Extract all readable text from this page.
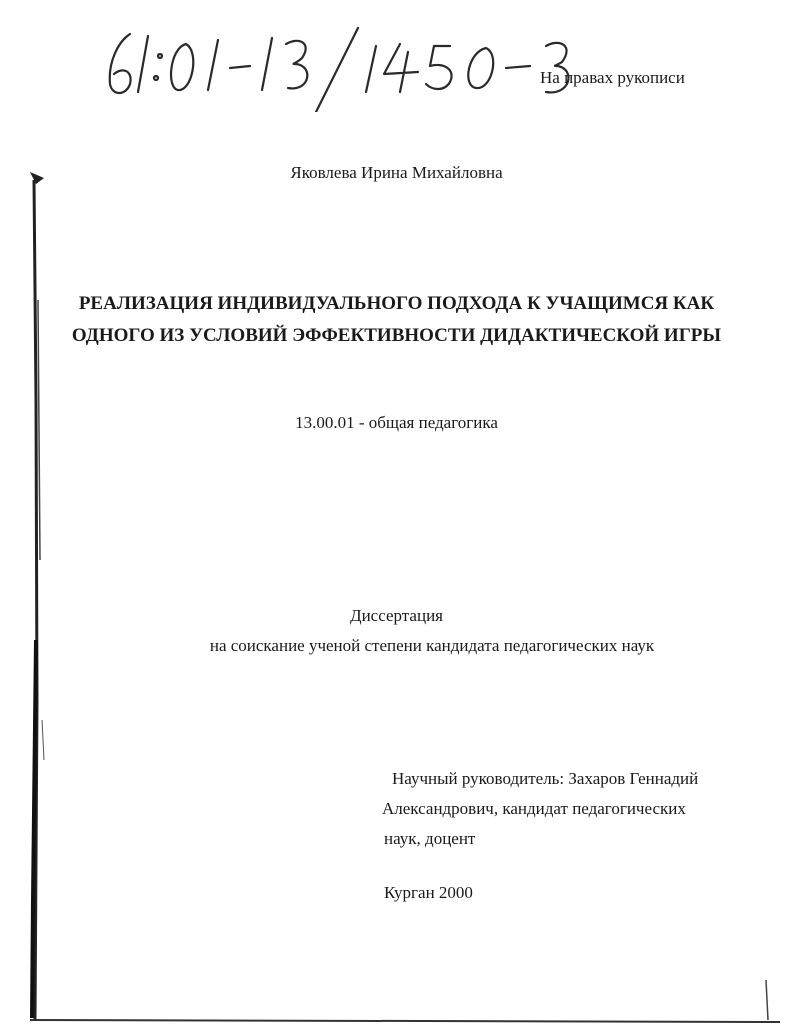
На правах рукописи
Яковлева Ирина Михайловна
РЕАЛИЗАЦИЯ ИНДИВИДУАЛЬНОГО ПОДХОДА К УЧАЩИМСЯ КАК
ОДНОГО ИЗ УСЛОВИЙ ЭФФЕКТИВНОСТИ ДИДАКТИЧЕСКОЙ ИГРЫ
13.00.01 - общая педагогика
Диссертация
на соискание ученой степени кандидата педагогических наук
Научный руководитель: Захаров Геннадий
Александрович, кандидат педагогических
наук, доцент
Курган 2000
